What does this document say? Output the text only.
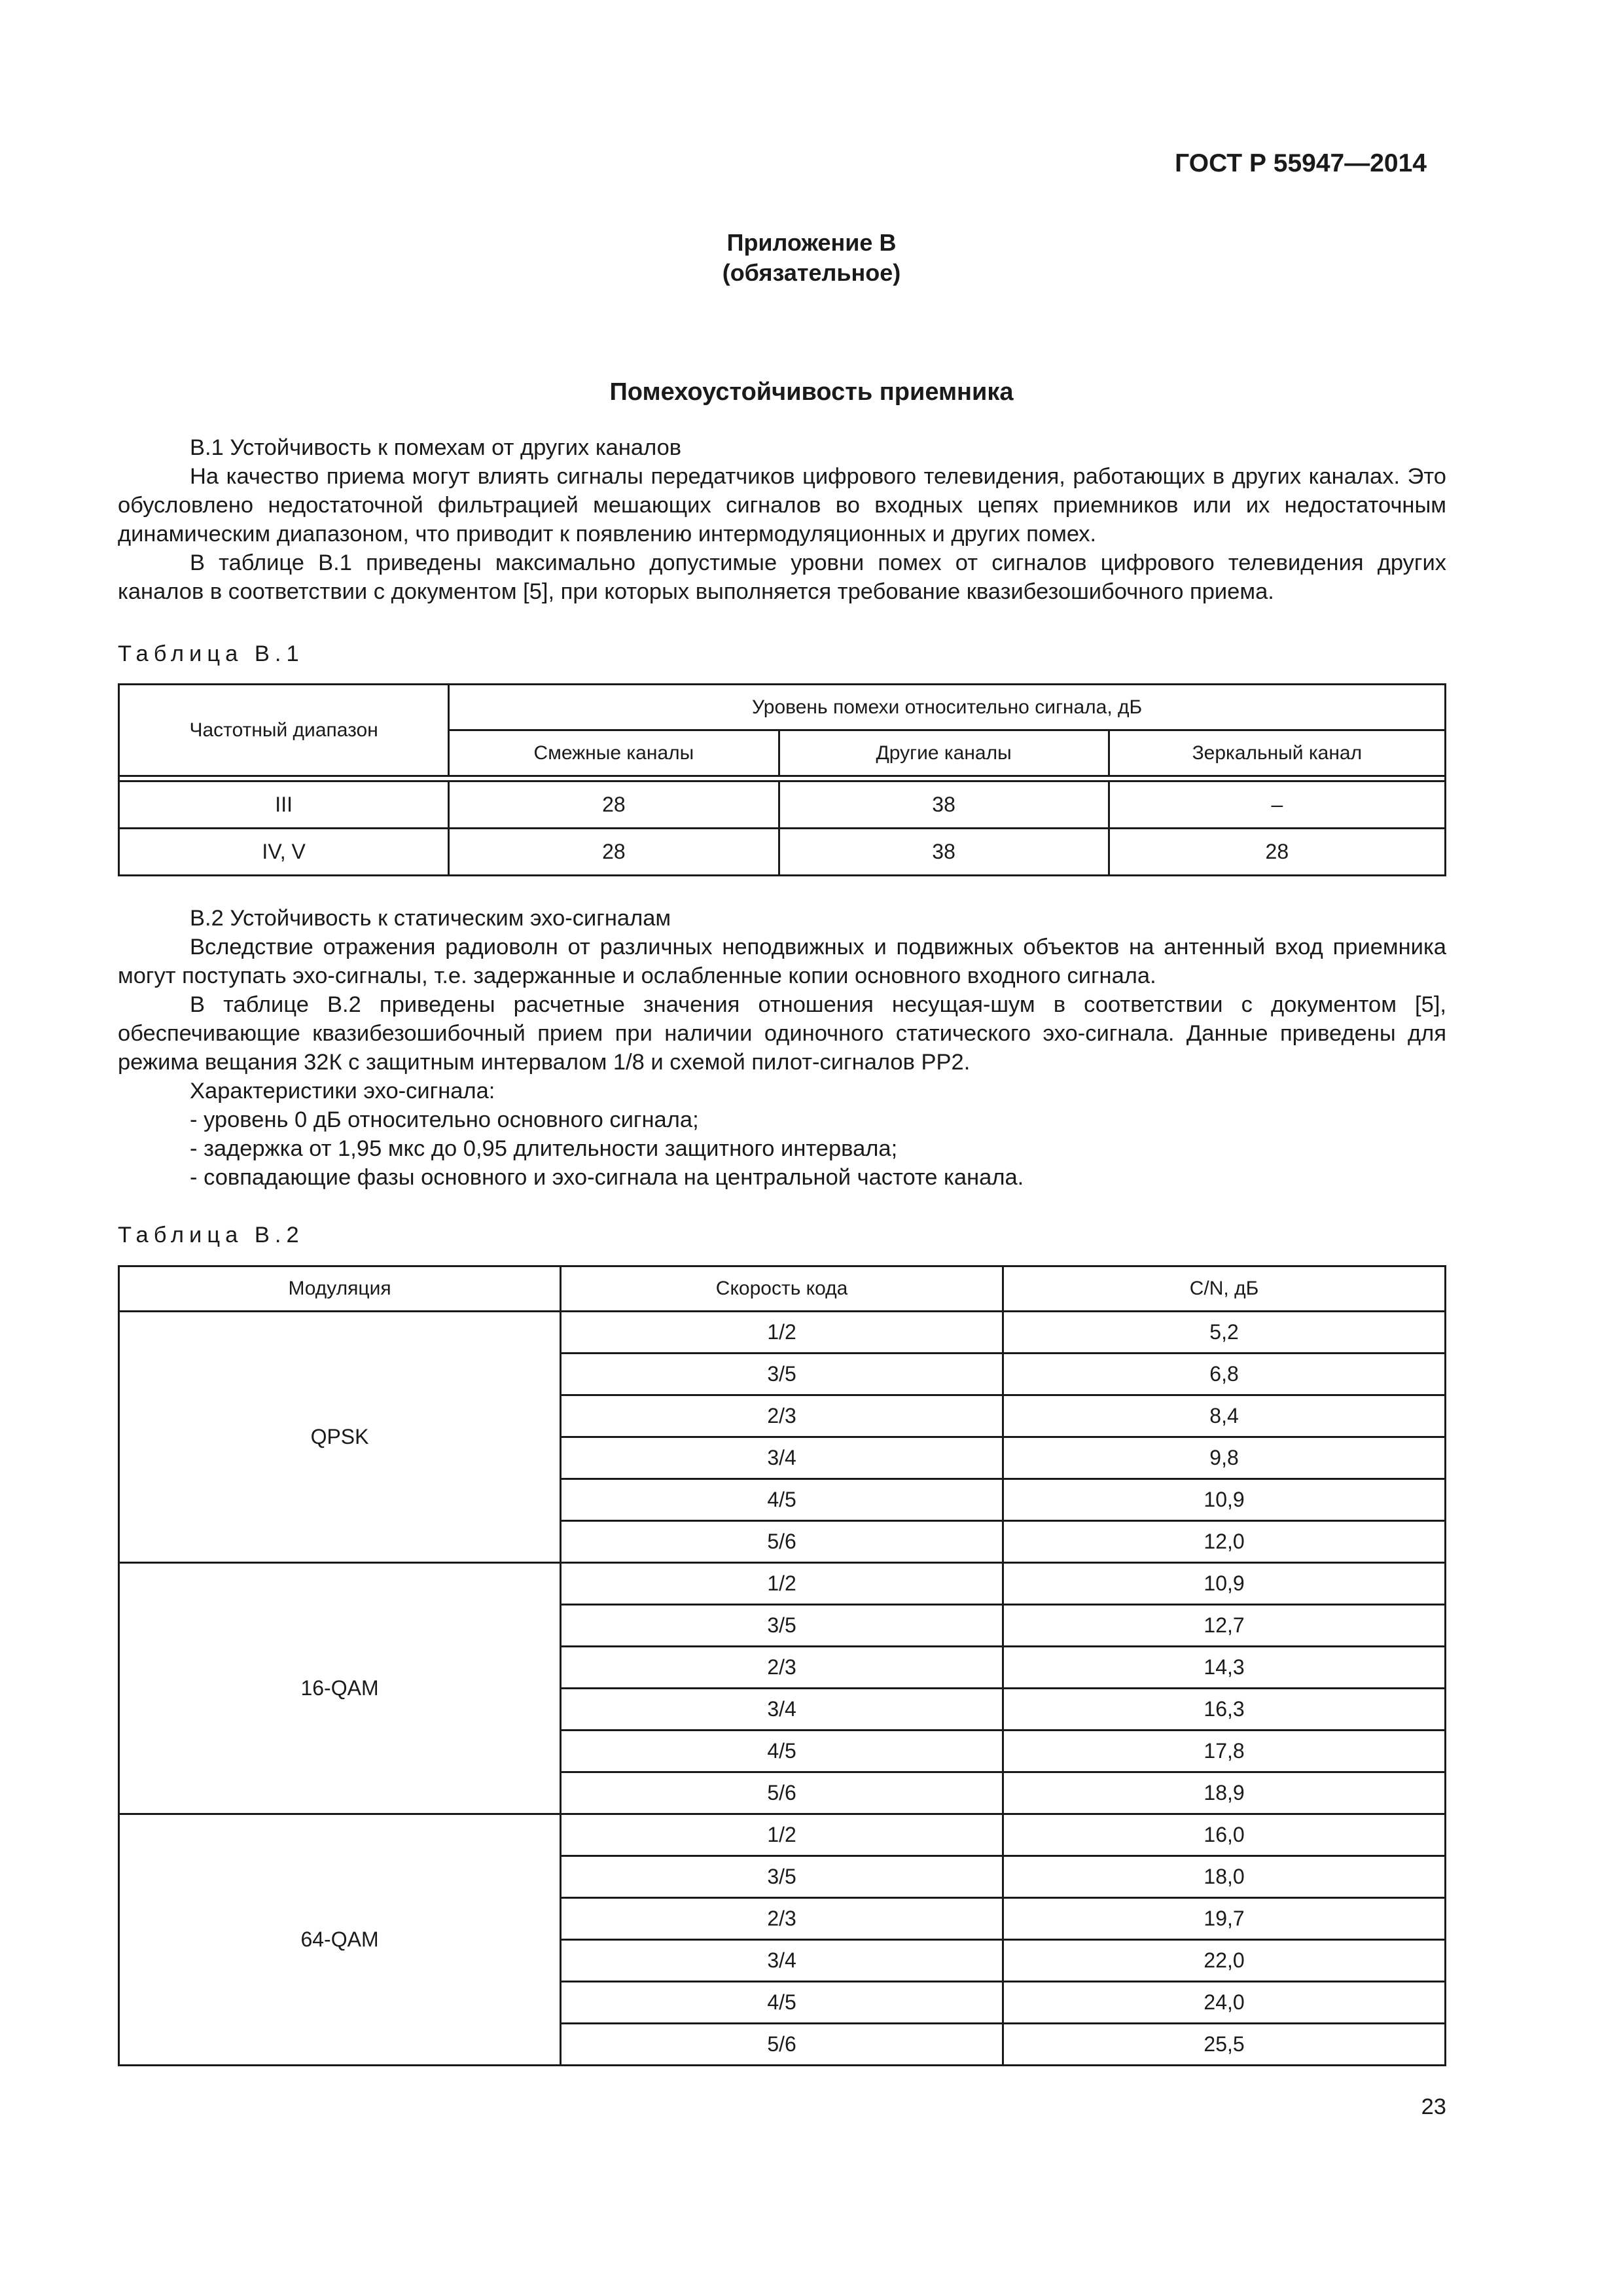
ГОСТ Р 55947—2014
Приложение В
(обязательное)
Помехоустойчивость приемника

В.1 Устойчивость к помехам от других каналов

На качество приема могут влиять сигналы передатчиков цифрового телевидения, работающих в других каналах. Это обусловлено недостаточной фильтрацией мешающих сигналов во входных цепях приемников или их недостаточным динамическим диапазоном, что приводит к появлению интермодуляционных и других помех.

В таблице В.1 приведены максимально допустимые уровни помех от сигналов цифрового телевидения других каналов в соответствии с документом [5], при которых выполняется требование квазибезошибочного приема.

Таблица В.1
Частотный диапазон	Уровень помехи относительно сигнала, дБ		
	Смежные каналы	Другие каналы	Зеркальный канал

III	28	38	–
IV, V	28	38	28

В.2 Устойчивость к статическим эхо-сигналам

Вследствие отражения радиоволн от различных неподвижных и подвижных объектов на антенный вход приемника могут поступать эхо-сигналы, т.е. задержанные и ослабленные копии основного входного сигнала.

В таблице В.2 приведены расчетные значения отношения несущая-шум в соответствии с документом [5], обеспечивающие квазибезошибочный прием при наличии одиночного статического эхо-сигнала. Данные приведены для режима вещания 32К с защитным интервалом 1/8 и схемой пилот-сигналов PP2.

Характеристики эхо-сигнала:

- уровень 0 дБ относительно основного сигнала;

- задержка от 1,95 мкс до 0,95 длительности защитного интервала;

- совпадающие фазы основного и эхо-сигнала на центральной частоте канала.

Таблица В.2
Модуляция	Скорость кода	C/N, дБ
QPSK	1/2	5,2
	3/5	6,8
	2/3	8,4
	3/4	9,8
	4/5	10,9
	5/6	12,0
16-QAM	1/2	10,9
	3/5	12,7
	2/3	14,3
	3/4	16,3
	4/5	17,8
	5/6	18,9
64-QAM	1/2	16,0
	3/5	18,0
	2/3	19,7
	3/4	22,0
	4/5	24,0
	5/6	25,5
23
